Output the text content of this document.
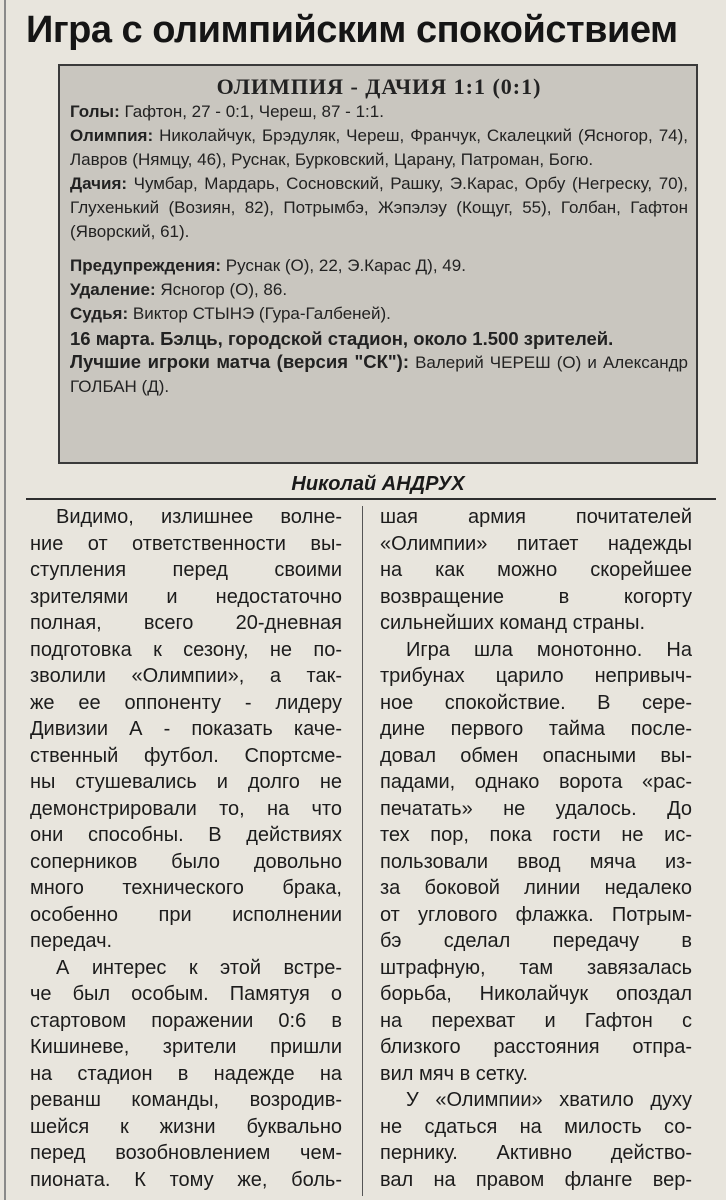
Игра с олимпийским спокойствием
ОЛИМПИЯ - ДАЧИЯ 1:1 (0:1)

Голы: Гафтон, 27 - 0:1, Череш, 87 - 1:1.

Олимпия: Николайчук, Брэдуляк, Череш, Франчук, Скалецкий (Ясногор, 74), Лавров (Нямцу, 46), Руснак, Бурковский, Царану, Патроман, Богю.

Дачия: Чумбар, Мардарь, Сосновский, Рашку, Э.Карас, Орбу (Негреску, 70), Глухенький (Возиян, 82), Потрымбэ, Жэпэлэу (Кощуг, 55), Голбан, Гафтон (Яворский, 61).

Предупреждения: Руснак (О), 22, Э.Карас Д), 49.

Удаление: Ясногор (О), 86.

Судья: Виктор СТЫНЭ (Гура-Галбеней).

16 марта. Бэлць, городской стадион, около 1.500 зрителей.

Лучшие игроки матча (версия "СК"): Валерий ЧЕРЕШ (О) и Александр ГОЛБАН (Д).

Николай АНДРУХ
Видимо, излишнее волне-
ние от ответственности вы-
ступления перед своими
зрителями и недостаточно
полная, всего 20-дневная
подготовка к сезону, не по-
зволили «Олимпии», а так-
же ее оппоненту - лидеру
Дивизии А - показать каче-
ственный футбол. Спортсме-
ны стушевались и долго не
демонстрировали то, на что
они способны. В действиях
соперников было довольно
много технического брака,
особенно при исполнении
передач.
А интерес к этой встре-
че был особым. Памятуя о
стартовом поражении 0:6 в
Кишиневе, зрители пришли
на стадион в надежде на
реванш команды, возродив-
шейся к жизни буквально
перед возобновлением чем-
пионата. К тому же, боль-
шая армия почитателей
«Олимпии» питает надежды
на как можно скорейшее
возвращение в когорту
сильнейших команд страны.
Игра шла монотонно. На
трибунах царило непривыч-
ное спокойствие. В сере-
дине первого тайма после-
довал обмен опасными вы-
падами, однако ворота «рас-
печатать» не удалось. До
тех пор, пока гости не ис-
пользовали ввод мяча из-
за боковой линии недалеко
от углового флажка. Потрым-
бэ сделал передачу в
штрафную, там завязалась
борьба, Николайчук опоздал
на перехват и Гафтон с
близкого расстояния отпра-
вил мяч в сетку.
У «Олимпии» хватило духу
не сдаться на милость со-
пернику. Активно действо-
вал на правом фланге вер-
